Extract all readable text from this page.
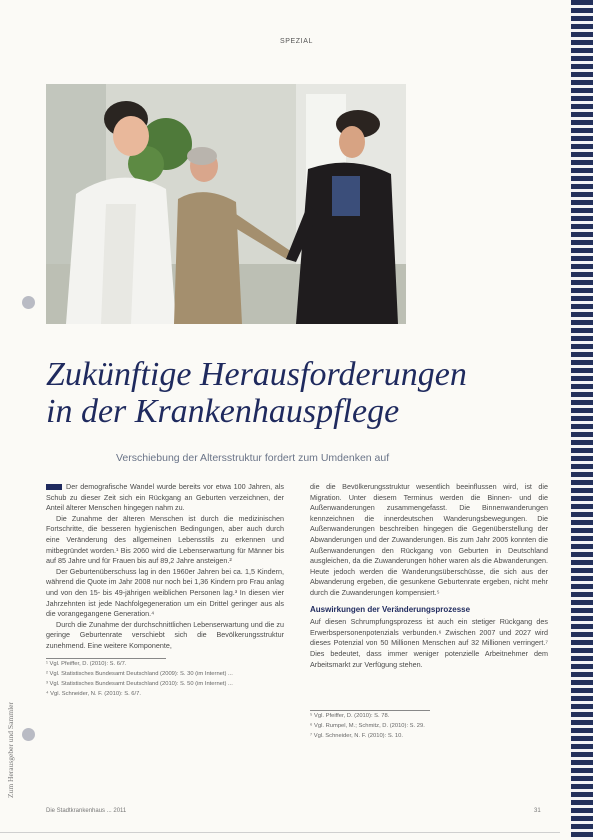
SPEZIAL
Zukünftige Herausforderungen
in der Krankenhauspflege
Verschiebung der Altersstruktur fordert zum Umdenken auf

Der demografische Wandel wurde bereits vor etwa 100 Jahren, als Schub zu dieser Zeit sich ein Rückgang an Geburten verzeichnen, der Anteil älterer Menschen hingegen nahm zu.

Die Zunahme der älteren Menschen ist durch die medizinischen Fortschritte, die besseren hygienischen Bedingungen, aber auch durch eine Veränderung des allgemeinen Lebensstils zu erkennen und mitbegründet worden.¹ Bis 2060 wird die Lebenserwartung für Männer bis auf 85 Jahre und für Frauen bis auf 89,2 Jahre ansteigen.²

Der Geburtenüberschuss lag in den 1960er Jahren bei ca. 1,5 Kindern, während die Quote im Jahr 2008 nur noch bei 1,36 Kindern pro Frau anlag und von den 15- bis 49-jährigen weiblichen Personen lag.³ In diesen vier Jahrzehnten ist jede Nachfolgegeneration um ein Drittel geringer aus als die vorangegangene Generation.⁴

Durch die Zunahme der durchschnittlichen Lebenserwartung und die zu geringe Geburtenrate verschiebt sich die Bevölkerungsstruktur zunehmend. Eine weitere Komponente,

¹ Vgl. Pfeiffer, D. (2010): S. 6/7.
² Vgl. Statistisches Bundesamt Deutschland (2009): S. 30 (im Internet) ...
³ Vgl. Statistisches Bundesamt Deutschland (2010): S. 50 (im Internet) ...
⁴ Vgl. Schneider, N. F. (2010): S. 6/7.

die die Bevölkerungsstruktur wesentlich beeinflussen wird, ist die Migration. Unter diesem Terminus werden die Binnen- und die Außenwanderungen zusammengefasst. Die Binnenwanderungen kennzeichnen die innerdeutschen Wanderungsbewegungen. Die Außenwanderungen beschreiben hingegen die Gegenüberstellung der Abwanderungen und der Zuwanderungen. Bis zum Jahr 2005 konnten die Außenwanderungen den Rückgang von Geburten in Deutschland ausgleichen, da die Zuwanderungen höher waren als die Abwanderungen. Heute jedoch werden die Wanderungsüberschüsse, die sich aus der Abwanderung ergeben, die gesunkene Geburtenrate ergeben, nicht mehr durch die Zuwanderungen kompensiert.⁵

Auswirkungen der Veränderungsprozesse

Auf diesen Schrumpfungsprozess ist auch ein stetiger Rückgang des Erwerbspersonenpotenzials verbunden.⁶ Zwischen 2007 und 2027 wird dieses Potenzial von 50 Millionen Menschen auf 32 Millionen verringert.⁷ Dies bedeutet, dass immer weniger potenzielle Arbeitnehmer dem Arbeitsmarkt zur Verfügung stehen.

⁵ Vgl. Pfeiffer, D. (2010): S. 78.
⁶ Vgl. Rumpel, M.; Schmitz, D. (2010): S. 29.
⁷ Vgl. Schneider, N. F. (2010): S. 10.
Zum Herausgeber und Sammler
Die Stadtkrankenhaus ... 2011	31
